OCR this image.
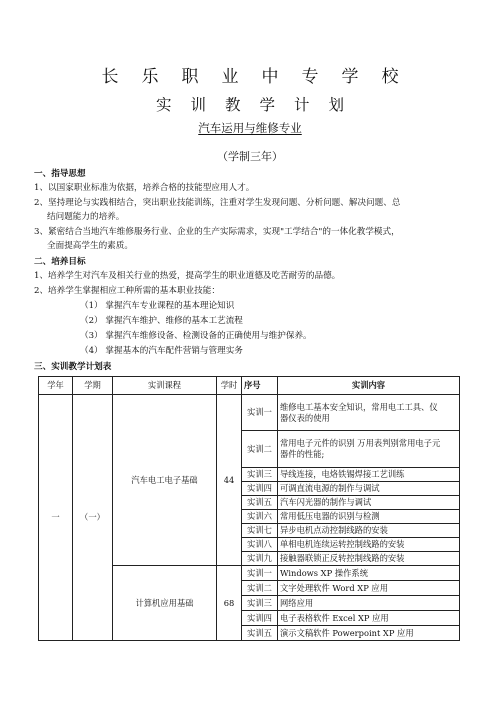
长乐职业中专学校
实训教学计划
汽车运用与维修专业
（学制三年）
一、指导思想
1、以国家职业标准为依据，培养合格的技能型应用人才。
2、坚持理论与实践相结合，突出职业技能训练，注重对学生发现问题、分析问题、解决问题、总
结问题能力的培养。
3、紧密结合当地汽车维修服务行业、企业的生产实际需求，实现"工学结合"的一体化教学模式，
全面提高学生的素质。
二、培养目标
1、培养学生对汽车及相关行业的热爱，提高学生的职业道德及吃苦耐劳的品德。
2、培养学生掌握相应工种所需的基本职业技能：
（1） 掌握汽车专业课程的基本理论知识
（2） 掌握汽车维护、维修的基本工艺流程
（3） 掌握汽车维修设备、检测设备的正确使用与维护保养。
（4） 掌握基本的汽车配件营销与管理实务
三、实训教学计划表
学年	学期	实训课程	学时	序号	实训内容
一	（一）	汽车电工电子基础	44	实训一	维修电工基本安全知识，常用电工工具、仪
器仪表的使用
				实训二	常用电子元件的识别 万用表判别常用电子元
器件的性能;
				实训三	导线连接，电烙铁锡焊接工艺训练
				实训四	可调直流电源的制作与调试
				实训五	汽车闪光器的制作与调试
				实训六	常用低压电器的识别与检测
				实训七	异步电机点动控制线路的安装
				实训八	单相电机连续运转控制线路的安装
				实训九	接触器联锁正反转控制线路的安装
		计算机应用基础	68	实训一	Windows XP 操作系统
				实训二	文字处理软件 Word XP 应用
				实训三	网络应用
				实训四	电子表格软件 Excel XP 应用
				实训五	演示文稿软件 Powerpoint XP 应用
